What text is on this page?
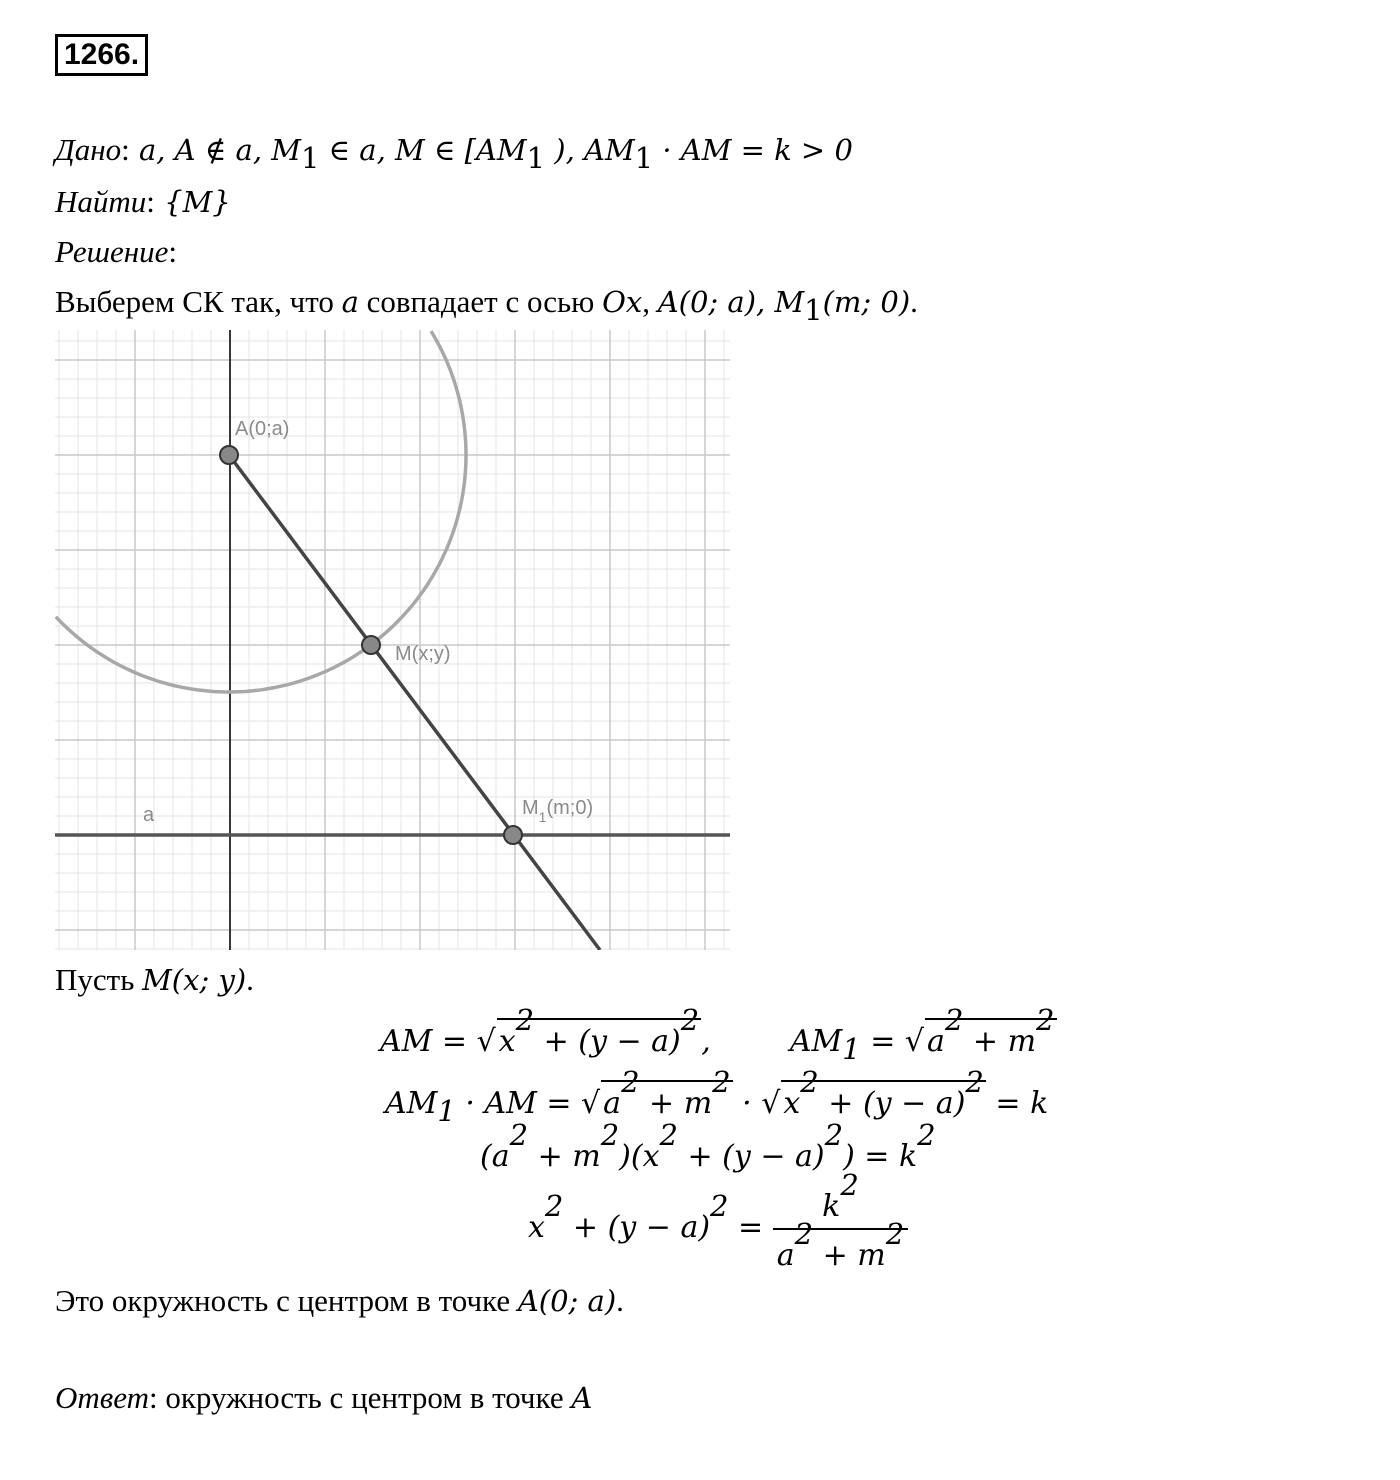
1266.
Дано: a, A ∉ a, $M_1$ ∈ a, M ∈ [$AM_1$ ), $AM_1$ · AM = k > 0
Найти: {M}
Решение:
Выберем СК так, что a совпадает с осью Ox, A(0; a), $M_1(m$; 0).
A(0;a)
M(x;y)
$M_1(m;0)$
a
Пусть M(x; y).
AM = √ $x^2 + (y - a)^2$,	$AM_1$ = √ $a^2 + m^2$
$AM_1$ · AM = √ $a^2 + m^2$ · √ $x^2 + (y - a)^2 = k$
$(a^2 + m^2)(x^2 + (y - a)^2) = k^2$
$x^2 + (y - a)^2 = \frac{k^2}{a^2 + m^2}$
Это окружность с центром в точке A(0; a).
Ответ: окружность с центром в точке A
